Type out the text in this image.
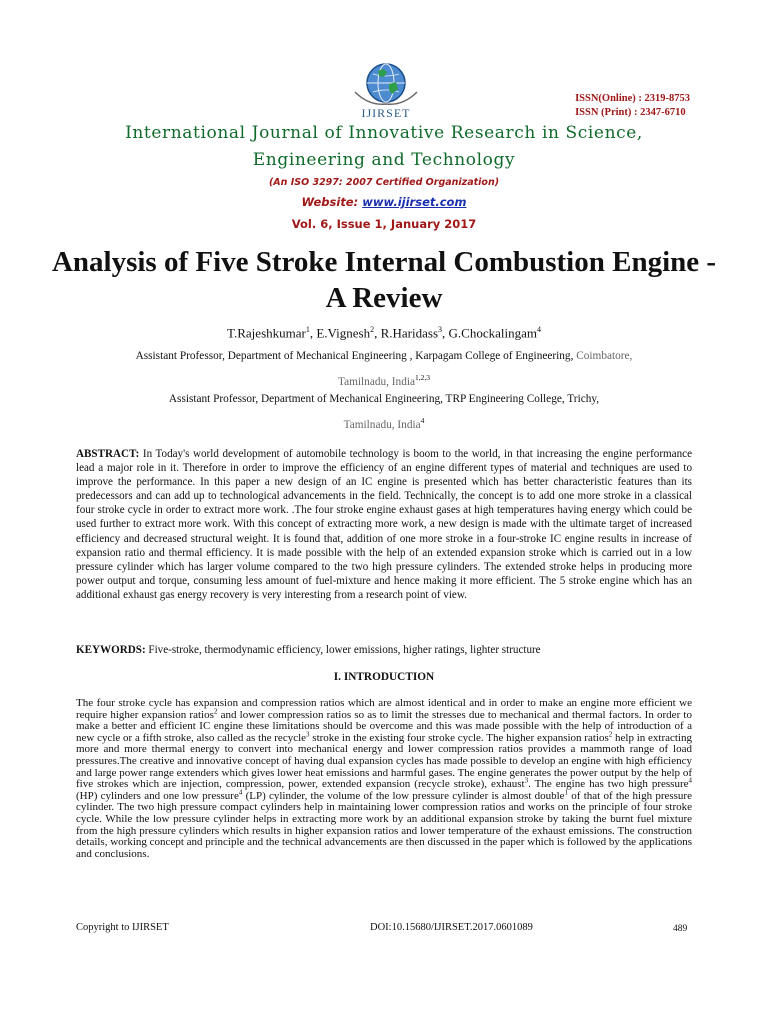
IJIRSET
ISSN(Online) : 2319-8753
ISSN (Print) : 2347-6710
International Journal of Innovative Research in Science,
Engineering and Technology
(An ISO 3297: 2007 Certified Organization)
Website: www.ijirset.com
Vol. 6, Issue 1, January 2017
Analysis of Five Stroke Internal Combustion Engine - A Review
T.Rajeshkumar$^1$, E.Vignesh$^2$, R.Haridass$^3$, G.Chockalingam$^4$
Assistant Professor, Department of Mechanical Engineering , Karpagam College of Engineering, Coimbatore,
Tamilnadu, India$^{1,2,3}$
Assistant Professor, Department of Mechanical Engineering, TRP Engineering College, Trichy,
Tamilnadu, India$^4$
ABSTRACT: In Today's world development of automobile technology is boom to the world, in that increasing the engine performance lead a major role in it. Therefore in order to improve the efficiency of an engine different types of material and techniques are used to improve the performance. In this paper a new design of an IC engine is presented which has better characteristic features than its predecessors and can add up to technological advancements in the field. Technically, the concept is to add one more stroke in a classical four stroke cycle in order to extract more work. .The four stroke engine exhaust gases at high temperatures having energy which could be used further to extract more work. With this concept of extracting more work, a new design is made with the ultimate target of increased efficiency and decreased structural weight. It is found that, addition of one more stroke in a four-stroke IC engine results in increase of expansion ratio and thermal efficiency. It is made possible with the help of an extended expansion stroke which is carried out in a low pressure cylinder which has larger volume compared to the two high pressure cylinders. The extended stroke helps in producing more power output and torque, consuming less amount of fuel-mixture and hence making it more efficient. The 5 stroke engine which has an additional exhaust gas energy recovery is very interesting from a research point of view.
KEYWORDS: Five-stroke, thermodynamic efficiency, lower emissions, higher ratings, lighter structure
I. INTRODUCTION
The four stroke cycle has expansion and compression ratios which are almost identical and in order to make an engine more efficient we require higher expansion ratios$^2$ and lower compression ratios so as to limit the stresses due to mechanical and thermal factors. In order to make a better and efficient IC engine these limitations should be overcome and this was made possible with the help of introduction of a new cycle or a fifth stroke, also called as the recycle$^3$ stroke in the existing four stroke cycle. The higher expansion ratios$^2$ help in extracting more and more thermal energy to convert into mechanical energy and lower compression ratios provides a mammoth range of load pressures.The creative and innovative concept of having dual expansion cycles has made possible to develop an engine with high efficiency and large power range extenders which gives lower heat emissions and harmful gases. The engine generates the power output by the help of five strokes which are injection, compression, power, extended expansion (recycle stroke), exhaust$^3$. The engine has two high pressure$^4$ (HP) cylinders and one low pressure$^4$ (LP) cylinder, the volume of the low pressure cylinder is almost double$^1$ of that of the high pressure cylinder. The two high pressure compact cylinders help in maintaining lower compression ratios and works on the principle of four stroke cycle. While the low pressure cylinder helps in extracting more work by an additional expansion stroke by taking the burnt fuel mixture from the high pressure cylinders which results in higher expansion ratios and lower temperature of the exhaust emissions. The construction details, working concept and principle and the technical advancements are then discussed in the paper which is followed by the applications and conclusions.
Copyright to IJIRSET	DOI:10.15680/IJIRSET.2017.0601089	489
